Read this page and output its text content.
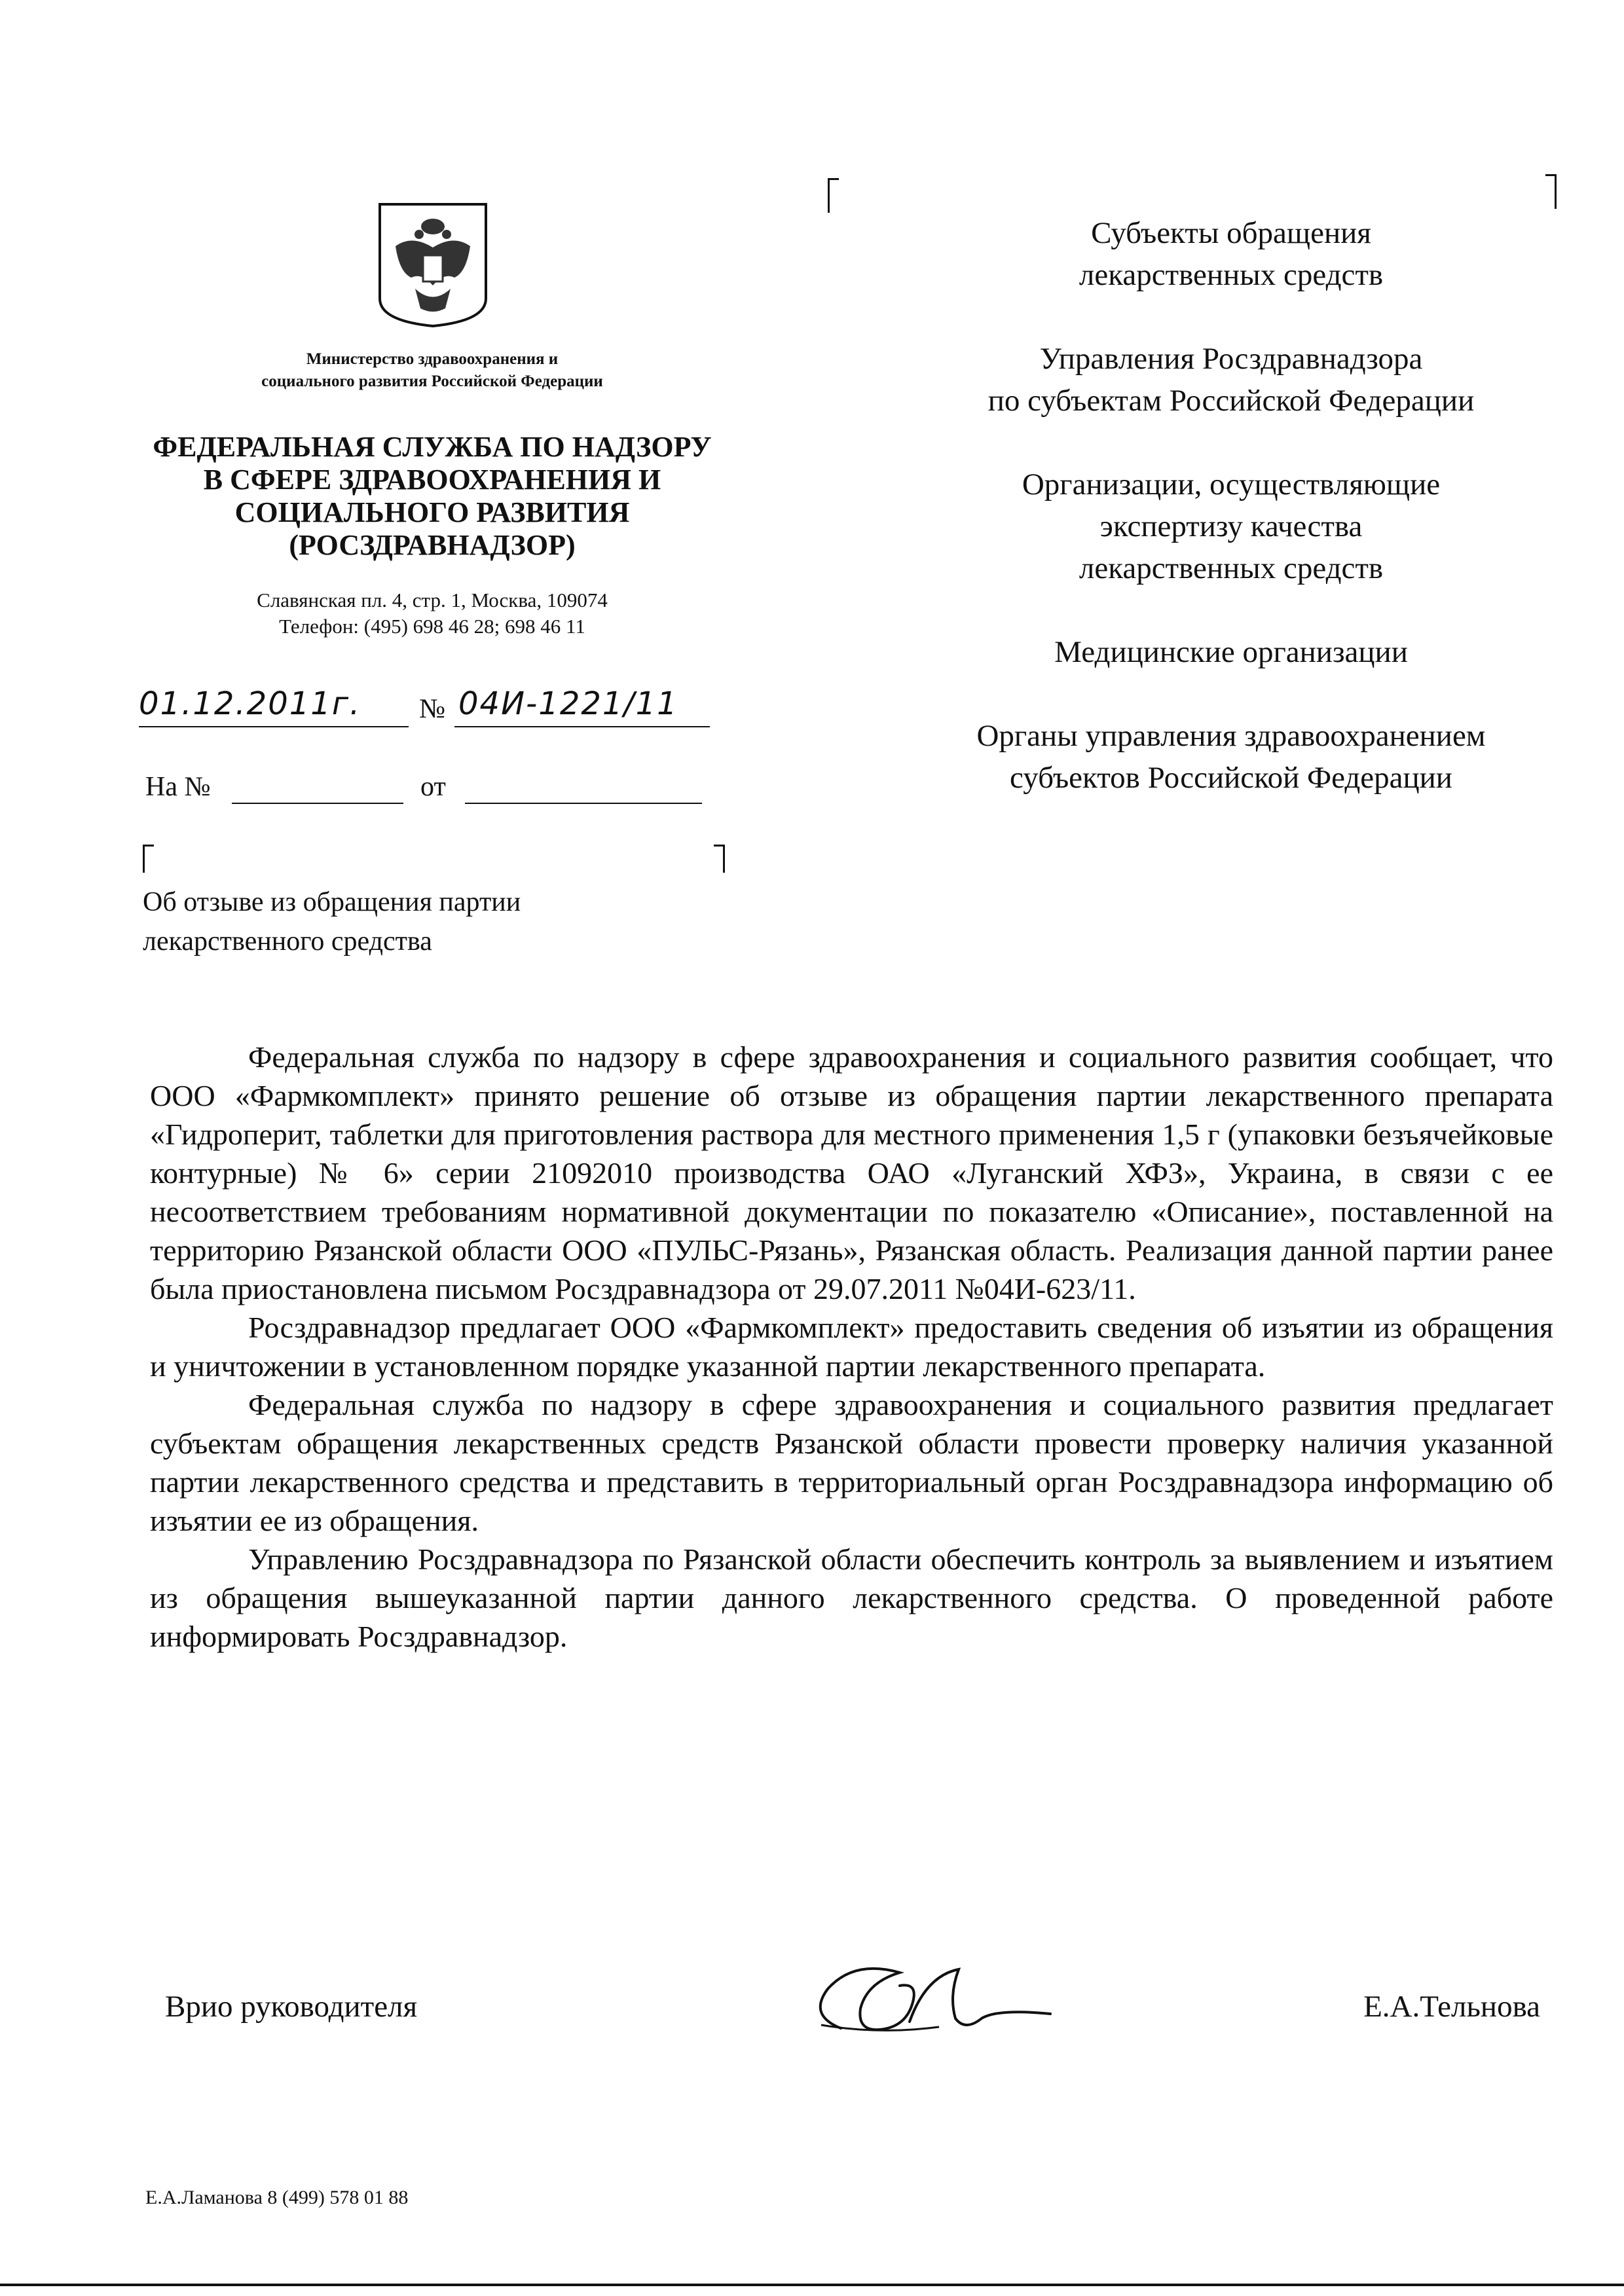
Министерство здравоохранения и
социального развития Российской Федерации
ФЕДЕРАЛЬНАЯ СЛУЖБА ПО НАДЗОРУ
В СФЕРЕ ЗДРАВООХРАНЕНИЯ И
СОЦИАЛЬНОГО РАЗВИТИЯ
(РОСЗДРАВНАДЗОР)
Славянская пл. 4, стр. 1, Москва, 109074
Телефон: (495) 698 46 28; 698 46 11
01.12.2011г. № 04И-1221/11
На №	от
Об отзыве из обращения партии
лекарственного средства
Субъекты обращения
лекарственных средств
Управления Росздравнадзора
по субъектам Российской Федерации
Организации, осуществляющие
экспертизу качества
лекарственных средств
Медицинские организации
Органы управления здравоохранением
субъектов Российской Федерации

Федеральная служба по надзору в сфере здравоохранения и социального развития сообщает, что ООО «Фармкомплект» принято решение об отзыве из обращения партии лекарственного препарата «Гидроперит, таблетки для приготовления раствора для местного применения 1,5 г (упаковки безъячейковые контурные) № 6» серии 21092010 производства ОАО «Луганский ХФЗ», Украина, в связи с ее несоответствием требованиям нормативной документации по показателю «Описание», поставленной на территорию Рязанской области ООО «ПУЛЬС-Рязань», Рязанская область. Реализация данной партии ранее была приостановлена письмом Росздравнадзора от 29.07.2011 №04И-623/11.

Росздравнадзор предлагает ООО «Фармкомплект» предоставить сведения об изъятии из обращения и уничтожении в установленном порядке указанной партии лекарственного препарата.

Федеральная служба по надзору в сфере здравоохранения и социального развития предлагает субъектам обращения лекарственных средств Рязанской области провести проверку наличия указанной партии лекарственного средства и представить в территориальный орган Росздравнадзора информацию об изъятии ее из обращения.

Управлению Росздравнадзора по Рязанской области обеспечить контроль за выявлением и изъятием из обращения вышеуказанной партии данного лекарственного средства. О проведенной работе информировать Росздравнадзор.

Врио руководителя	Е.А.Тельнова
Е.А.Ламанова 8 (499) 578 01 88
